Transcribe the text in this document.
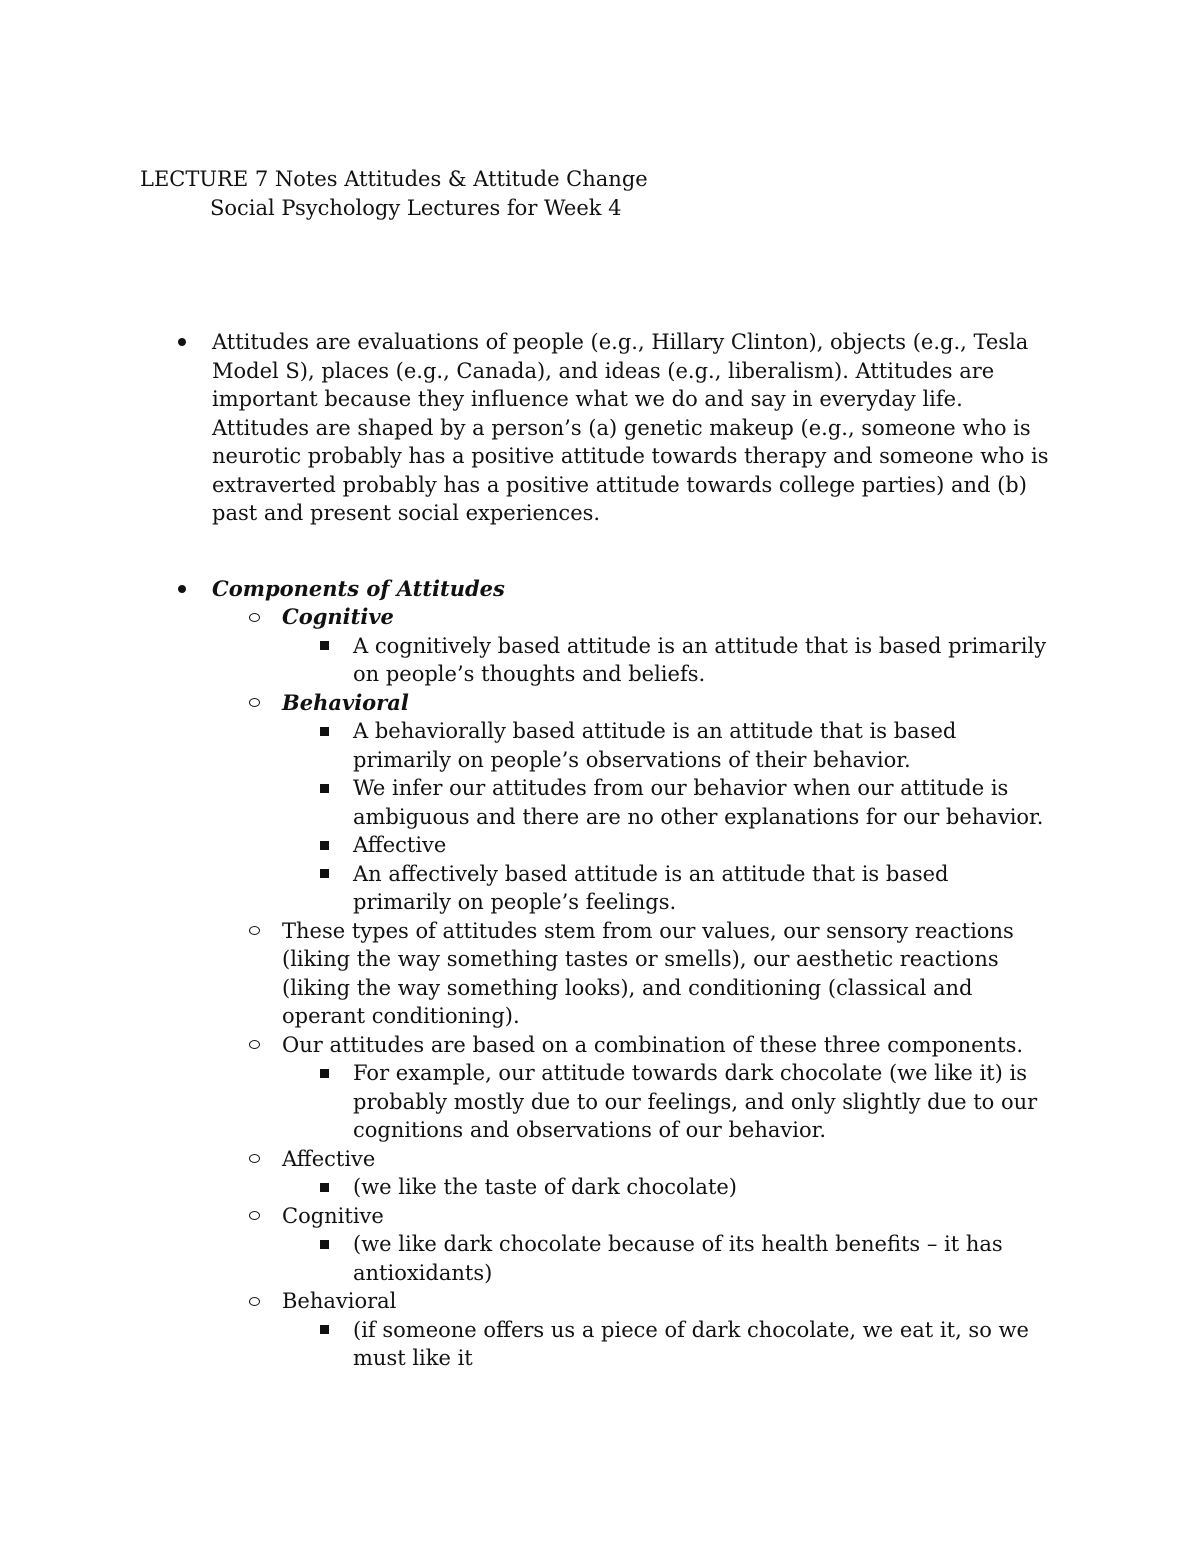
LECTURE 7 Notes Attitudes & Attitude Change
Social Psychology Lectures for Week 4
Attitudes are evaluations of people (e.g., Hillary Clinton), objects (e.g., Tesla Model S), places (e.g., Canada), and ideas (e.g., liberalism). Attitudes are important because they influence what we do and say in everyday life. Attitudes are shaped by a person’s (a) genetic makeup (e.g., someone who is neurotic probably has a positive attitude towards therapy and someone who is extraverted probably has a positive attitude towards college parties) and (b) past and present social experiences.
Components of Attitudes
Cognitive
A cognitively based attitude is an attitude that is based primarily on people’s thoughts and beliefs.
Behavioral
A behaviorally based attitude is an attitude that is based primarily on people’s observations of their behavior.
We infer our attitudes from our behavior when our attitude is ambiguous and there are no other explanations for our behavior.
Affective
An affectively based attitude is an attitude that is based primarily on people’s feelings.
These types of attitudes stem from our values, our sensory reactions (liking the way something tastes or smells), our aesthetic reactions (liking the way something looks), and conditioning (classical and operant conditioning).
Our attitudes are based on a combination of these three components.
For example, our attitude towards dark chocolate (we like it) is probably mostly due to our feelings, and only slightly due to our cognitions and observations of our behavior.
Affective
(we like the taste of dark chocolate)
Cognitive
(we like dark chocolate because of its health benefits – it has antioxidants)
Behavioral
(if someone offers us a piece of dark chocolate, we eat it, so we must like it
